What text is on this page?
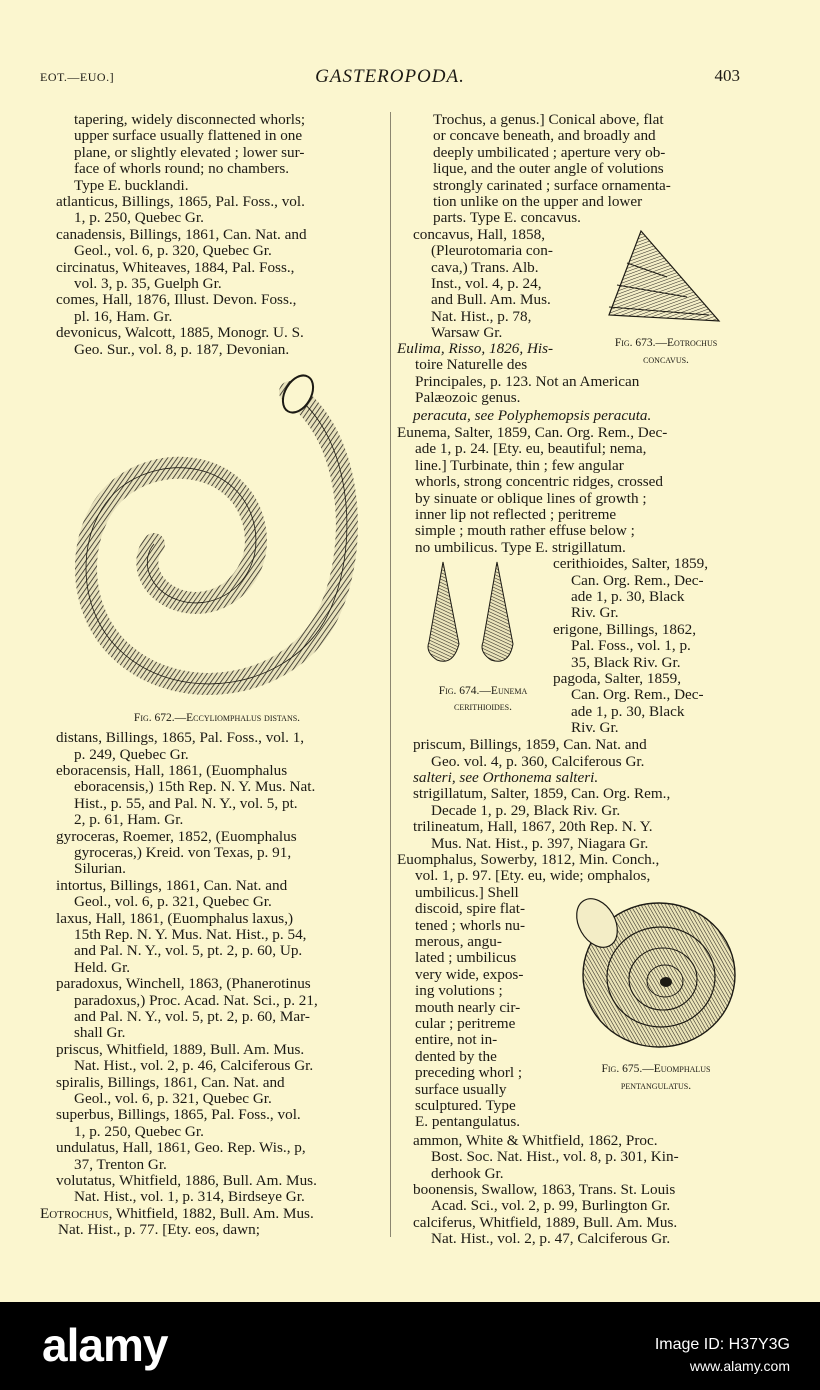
EOT.—EUO.]	GASTEROPODA.	403
tapering, widely disconnected whorls;
upper surface usually flattened in one
plane, or slightly elevated ; lower sur-
face of whorls round; no chambers.
Type E. bucklandi.
atlanticus, Billings, 1865, Pal. Foss., vol.
1, p. 250, Quebec Gr.
canadensis, Billings, 1861, Can. Nat. and
Geol., vol. 6, p. 320, Quebec Gr.
circinatus, Whiteaves, 1884, Pal. Foss.,
vol. 3, p. 35, Guelph Gr.
comes, Hall, 1876, Illust. Devon. Foss.,
pl. 16, Ham. Gr.
devonicus, Walcott, 1885, Monogr. U. S.
Geo. Sur., vol. 8, p. 187, Devonian.
Fig. 672.—Eccyliomphalus distans.
distans, Billings, 1865, Pal. Foss., vol. 1,
p. 249, Quebec Gr.
eboracensis, Hall, 1861, (Euomphalus
eboracensis,) 15th Rep. N. Y. Mus. Nat.
Hist., p. 55, and Pal. N. Y., vol. 5, pt.
2, p. 61, Ham. Gr.
gyroceras, Roemer, 1852, (Euomphalus
gyroceras,) Kreid. von Texas, p. 91,
Silurian.
intortus, Billings, 1861, Can. Nat. and
Geol., vol. 6, p. 321, Quebec Gr.
laxus, Hall, 1861, (Euomphalus laxus,)
15th Rep. N. Y. Mus. Nat. Hist., p. 54,
and Pal. N. Y., vol. 5, pt. 2, p. 60, Up.
Held. Gr.
paradoxus, Winchell, 1863, (Phanerotinus
paradoxus,) Proc. Acad. Nat. Sci., p. 21,
and Pal. N. Y., vol. 5, pt. 2, p. 60, Mar-
shall Gr.
priscus, Whitfield, 1889, Bull. Am. Mus.
Nat. Hist., vol. 2, p. 46, Calciferous Gr.
spiralis, Billings, 1861, Can. Nat. and
Geol., vol. 6, p. 321, Quebec Gr.
superbus, Billings, 1865, Pal. Foss., vol.
1, p. 250, Quebec Gr.
undulatus, Hall, 1861, Geo. Rep. Wis., p,
37, Trenton Gr.
volutatus, Whitfield, 1886, Bull. Am. Mus.
Nat. Hist., vol. 1, p. 314, Birdseye Gr.
Eotrochus, Whitfield, 1882, Bull. Am. Mus.
Nat. Hist., p. 77. [Ety. eos, dawn;
Trochus, a genus.] Conical above, flat
or concave beneath, and broadly and
deeply umbilicated ; aperture very ob-
lique, and the outer angle of volutions
strongly carinated ; surface ornamenta-
tion unlike on the upper and lower
parts. Type E. concavus.
concavus, Hall, 1858,
(Pleurotomaria con-
cava,) Trans. Alb.
Inst., vol. 4, p. 24,
and Bull. Am. Mus.
Nat. Hist., p. 78,
Warsaw Gr.
Fig. 673.—Eotrochus
concavus.
Eulima, Risso, 1826, His-
toire Naturelle des
Principales, p. 123. Not an American
Palæozoic genus.
peracuta, see Polyphemopsis peracuta.
Eunema, Salter, 1859, Can. Org. Rem., Dec-
ade 1, p. 24. [Ety. eu, beautiful; nema,
line.] Turbinate, thin ; few angular
whorls, strong concentric ridges, crossed
by sinuate or oblique lines of growth ;
inner lip not reflected ; peritreme
simple ; mouth rather effuse below ;
no umbilicus. Type E. strigillatum.
Fig. 674.—Eunema
cerithioides.
cerithioides, Salter, 1859,
Can. Org. Rem., Dec-
ade 1, p. 30, Black
Riv. Gr.
erigone, Billings, 1862,
Pal. Foss., vol. 1, p.
35, Black Riv. Gr.
pagoda, Salter, 1859,
Can. Org. Rem., Dec-
ade 1, p. 30, Black
Riv. Gr.
priscum, Billings, 1859, Can. Nat. and
Geo. vol. 4, p. 360, Calciferous Gr.
salteri, see Orthonema salteri.
strigillatum, Salter, 1859, Can. Org. Rem.,
Decade 1, p. 29, Black Riv. Gr.
trilineatum, Hall, 1867, 20th Rep. N. Y.
Mus. Nat. Hist., p. 397, Niagara Gr.
Euomphalus, Sowerby, 1812, Min. Conch.,
vol. 1, p. 97. [Ety. eu, wide; omphalos,
umbilicus.] Shell
discoid, spire flat-
tened ; whorls nu-
merous, angu-
lated ; umbilicus
very wide, expos-
ing volutions ;
mouth nearly cir-
cular ; peritreme
entire, not in-
dented by the
preceding whorl ;
surface usually
sculptured. Type
E. pentangulatus.
Fig. 675.—Euomphalus
pentangulatus.
ammon, White & Whitfield, 1862, Proc.
Bost. Soc. Nat. Hist., vol. 8, p. 301, Kin-
derhook Gr.
boonensis, Swallow, 1863, Trans. St. Louis
Acad. Sci., vol. 2, p. 99, Burlington Gr.
calciferus, Whitfield, 1889, Bull. Am. Mus.
Nat. Hist., vol. 2, p. 47, Calciferous Gr.
alamy	Image ID: H37Y3G
www.alamy.com
